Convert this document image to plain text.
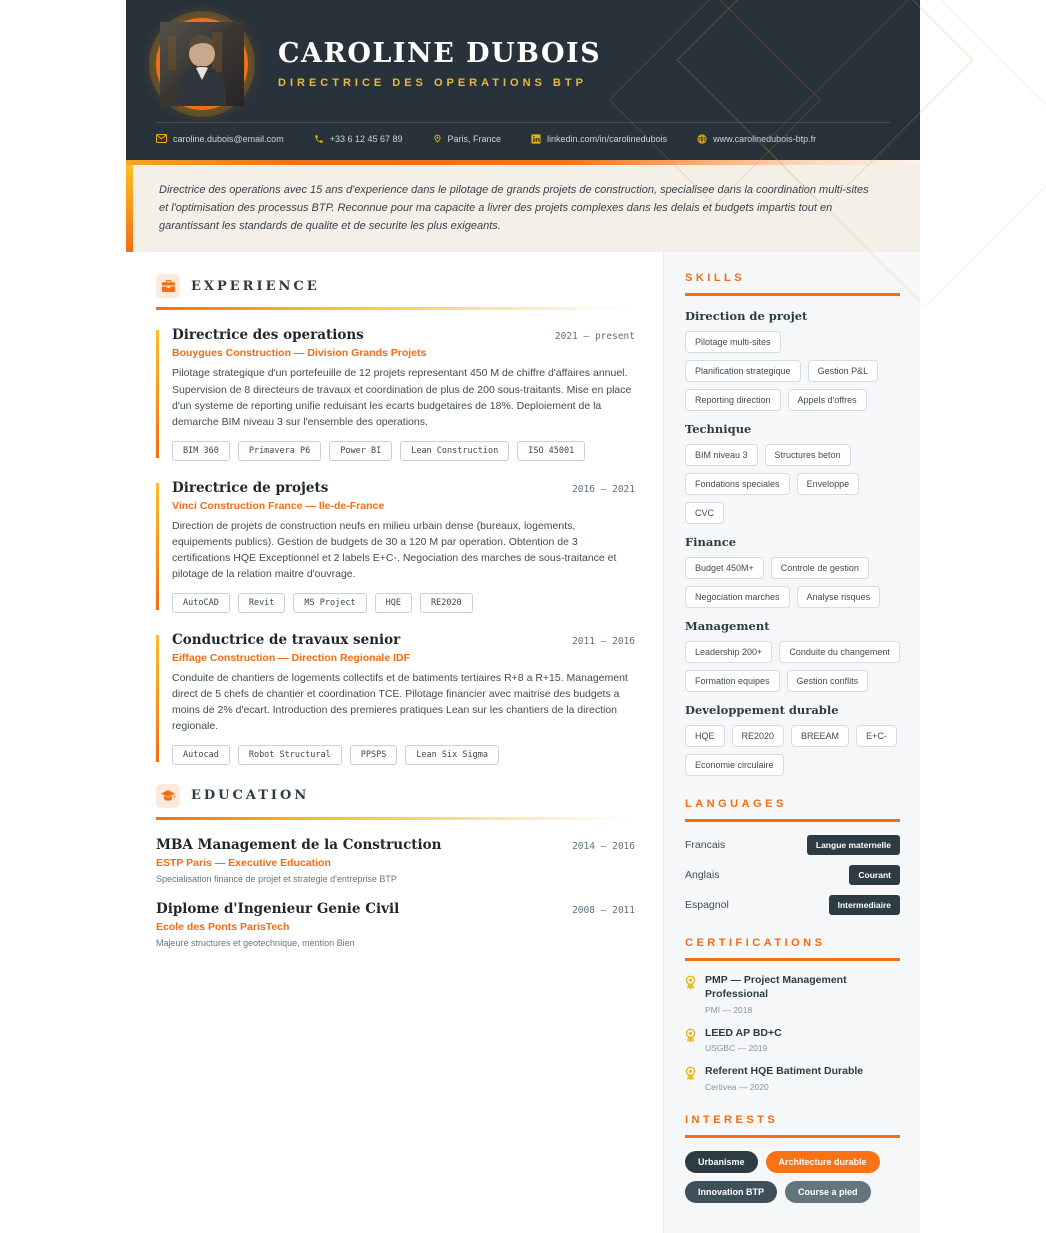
CAROLINE DUBOIS
DIRECTRICE DES OPERATIONS BTP
caroline.dubois@email.com	+33 6 12 45 67 89	Paris, France	linkedin.com/in/carolinedubois	www.carolinedubois-btp.fr
Directrice des operations avec 15 ans d'experience dans le pilotage de grands projets de construction, specialisee dans la coordination multi-sites et l'optimisation des processus BTP. Reconnue pour ma capacite a livrer des projets complexes dans les delais et budgets impartis tout en garantissant les standards de qualite et de securite les plus exigeants.
EXPERIENCE
Directrice des operations	2021 — present
Bouygues Construction — Division Grands Projets
Pilotage strategique d'un portefeuille de 12 projets representant 450 M de chiffre d'affaires annuel. Supervision de 8 directeurs de travaux et coordination de plus de 200 sous-traitants. Mise en place d'un systeme de reporting unifie reduisant les ecarts budgetaires de 18%. Deploiement de la demarche BIM niveau 3 sur l'ensemble des operations.
BIM 360	Primavera P6	Power BI	Lean Construction	ISO 45001
Directrice de projets	2016 — 2021
Vinci Construction France — Ile-de-France
Direction de projets de construction neufs en milieu urbain dense (bureaux, logements, equipements publics). Gestion de budgets de 30 a 120 M par operation. Obtention de 3 certifications HQE Exceptionnel et 2 labels E+C-. Negociation des marches de sous-traitance et pilotage de la relation maitre d'ouvrage.
AutoCAD	Revit	MS Project	HQE	RE2020
Conductrice de travaux senior	2011 — 2016
Eiffage Construction — Direction Regionale IDF
Conduite de chantiers de logements collectifs et de batiments tertiaires R+8 a R+15. Management direct de 5 chefs de chantier et coordination TCE. Pilotage financier avec maitrise des budgets a moins de 2% d'ecart. Introduction des premieres pratiques Lean sur les chantiers de la direction regionale.
Autocad	Robot Structural	PPSPS	Lean Six Sigma
EDUCATION
MBA Management de la Construction	2014 — 2016
ESTP Paris — Executive Education
Specialisation finance de projet et strategie d'entreprise BTP
Diplome d'Ingenieur Genie Civil	2008 — 2011
Ecole des Ponts ParisTech
Majeure structures et geotechnique, mention Bien
SKILLS
Direction de projet
Pilotage multi-sites
Planification strategique	Gestion P&L
Reporting direction	Appels d'offres
Technique
BIM niveau 3	Structures beton
Fondations speciales	Enveloppe
CVC
Finance
Budget 450M+	Controle de gestion
Negociation marches	Analyse risques
Management
Leadership 200+	Conduite du changement
Formation equipes	Gestion conflits
Developpement durable
HQE	RE2020	BREEAM	E+C-
Economie circulaire
LANGUAGES
Francais	Langue maternelle
Anglais	Courant
Espagnol	Intermediaire
CERTIFICATIONS
PMP — Project Management Professional
PMI — 2018
LEED AP BD+C
USGBC — 2019
Referent HQE Batiment Durable
Certivea — 2020
INTERESTS
Urbanisme	Architecture durable
Innovation BTP	Course a pied
